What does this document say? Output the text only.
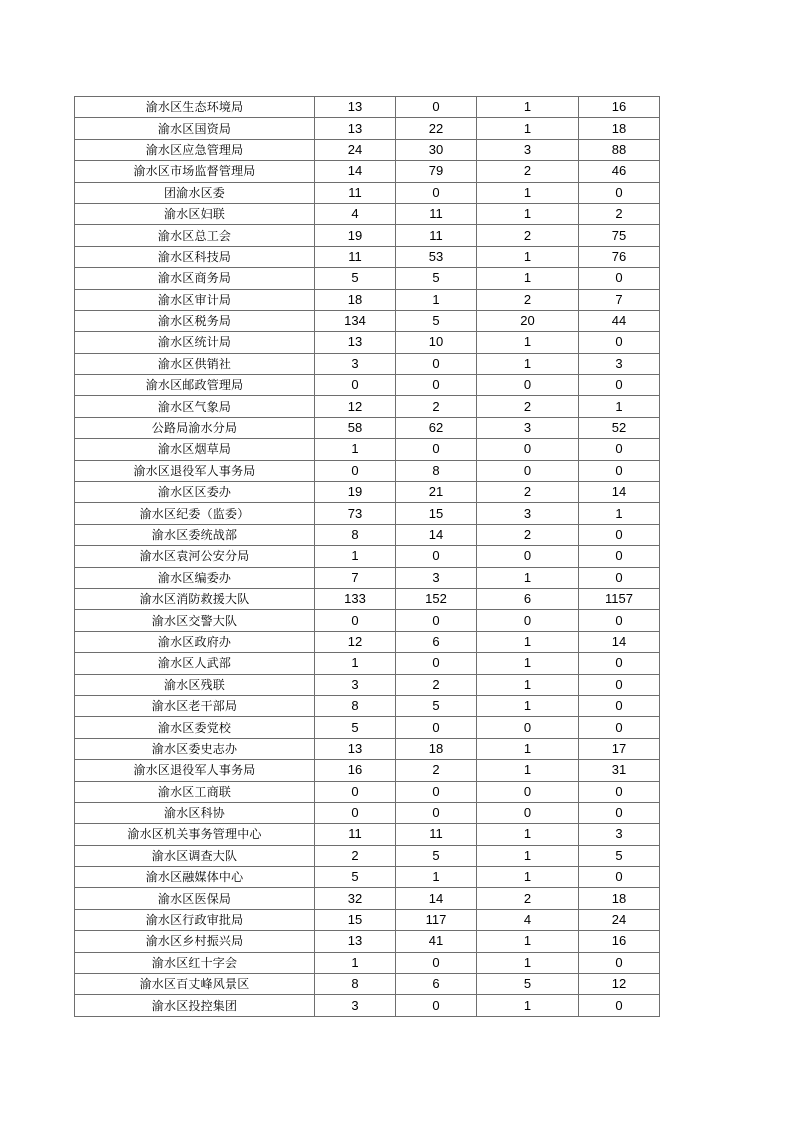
渝水区生态环境局	13	0	1	16
渝水区国资局	13	22	1	18
渝水区应急管理局	24	30	3	88
渝水区市场监督管理局	14	79	2	46
团渝水区委	11	0	1	0
渝水区妇联	4	11	1	2
渝水区总工会	19	11	2	75
渝水区科技局	11	53	1	76
渝水区商务局	5	5	1	0
渝水区审计局	18	1	2	7
渝水区税务局	134	5	20	44
渝水区统计局	13	10	1	0
渝水区供销社	3	0	1	3
渝水区邮政管理局	0	0	0	0
渝水区气象局	12	2	2	1
公路局渝水分局	58	62	3	52
渝水区烟草局	1	0	0	0
渝水区退役军人事务局	0	8	0	0
渝水区区委办	19	21	2	14
渝水区纪委（监委）	73	15	3	1
渝水区委统战部	8	14	2	0
渝水区袁河公安分局	1	0	0	0
渝水区编委办	7	3	1	0
渝水区消防救援大队	133	152	6	1157
渝水区交警大队	0	0	0	0
渝水区政府办	12	6	1	14
渝水区人武部	1	0	1	0
渝水区残联	3	2	1	0
渝水区老干部局	8	5	1	0
渝水区委党校	5	0	0	0
渝水区委史志办	13	18	1	17
渝水区退役军人事务局	16	2	1	31
渝水区工商联	0	0	0	0
渝水区科协	0	0	0	0
渝水区机关事务管理中心	11	11	1	3
渝水区调查大队	2	5	1	5
渝水区融媒体中心	5	1	1	0
渝水区医保局	32	14	2	18
渝水区行政审批局	15	117	4	24
渝水区乡村振兴局	13	41	1	16
渝水区红十字会	1	0	1	0
渝水区百丈峰风景区	8	6	5	12
渝水区投控集团	3	0	1	0
